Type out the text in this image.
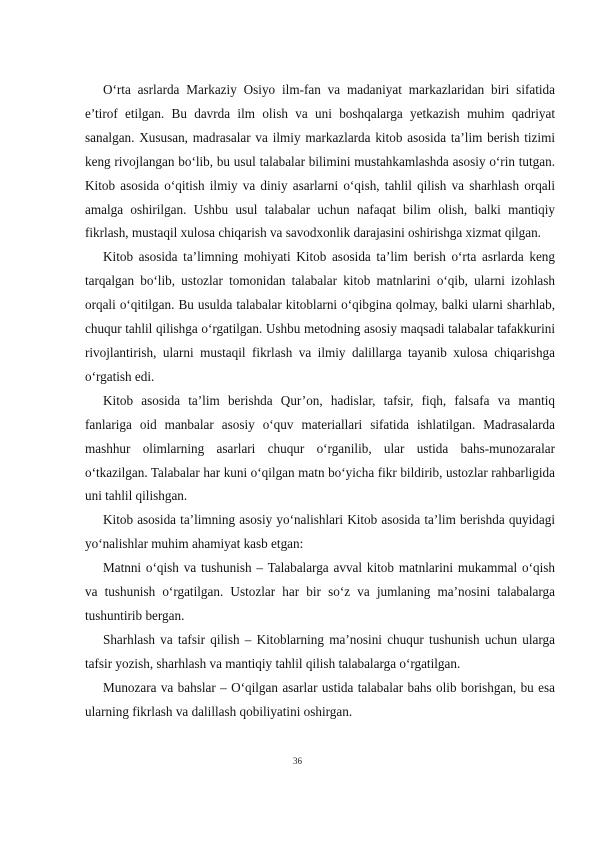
O‘rta asrlarda Markaziy Osiyo ilm-fan va madaniyat markazlaridan biri sifatida e’tirof etilgan. Bu davrda ilm olish va uni boshqalarga yetkazish muhim qadriyat sanalgan. Xususan, madrasalar va ilmiy markazlarda kitob asosida ta’lim berish tizimi keng rivojlangan bo‘lib, bu usul talabalar bilimini mustahkamlashda asosiy o‘rin tutgan. Kitob asosida o‘qitish ilmiy va diniy asarlarni o‘qish, tahlil qilish va sharhlash orqali amalga oshirilgan. Ushbu usul talabalar uchun nafaqat bilim olish, balki mantiqiy fikrlash, mustaqil xulosa chiqarish va savodxonlik darajasini oshirishga xizmat qilgan.

Kitob asosida ta’limning mohiyati Kitob asosida ta’lim berish o‘rta asrlarda keng tarqalgan bo‘lib, ustozlar tomonidan talabalar kitob matnlarini o‘qib, ularni izohlash orqali o‘qitilgan. Bu usulda talabalar kitoblarni o‘qibgina qolmay, balki ularni sharhlab, chuqur tahlil qilishga o‘rgatilgan. Ushbu metodning asosiy maqsadi talabalar tafakkurini rivojlantirish, ularni mustaqil fikrlash va ilmiy dalillarga tayanib xulosa chiqarishga o‘rgatish edi.

Kitob asosida ta’lim berishda Qur’on, hadislar, tafsir, fiqh, falsafa va mantiq fanlariga oid manbalar asosiy o‘quv materiallari sifatida ishlatilgan. Madrasalarda mashhur olimlarning asarlari chuqur o‘rganilib, ular ustida bahs-munozaralar o‘tkazilgan. Talabalar har kuni o‘qilgan matn bo‘yicha fikr bildirib, ustozlar rahbarligida uni tahlil qilishgan.

Kitob asosida ta’limning asosiy yo‘nalishlari Kitob asosida ta’lim berishda quyidagi yo‘nalishlar muhim ahamiyat kasb etgan:

Matnni o‘qish va tushunish – Talabalarga avval kitob matnlarini mukammal o‘qish va tushunish o‘rgatilgan. Ustozlar har bir so‘z va jumlaning ma’nosini talabalarga tushuntirib bergan.

Sharhlash va tafsir qilish – Kitoblarning ma’nosini chuqur tushunish uchun ularga tafsir yozish, sharhlash va mantiqiy tahlil qilish talabalarga o‘rgatilgan.

Munozara va bahslar – O‘qilgan asarlar ustida talabalar bahs olib borishgan, bu esa ularning fikrlash va dalillash qobiliyatini oshirgan.

36
